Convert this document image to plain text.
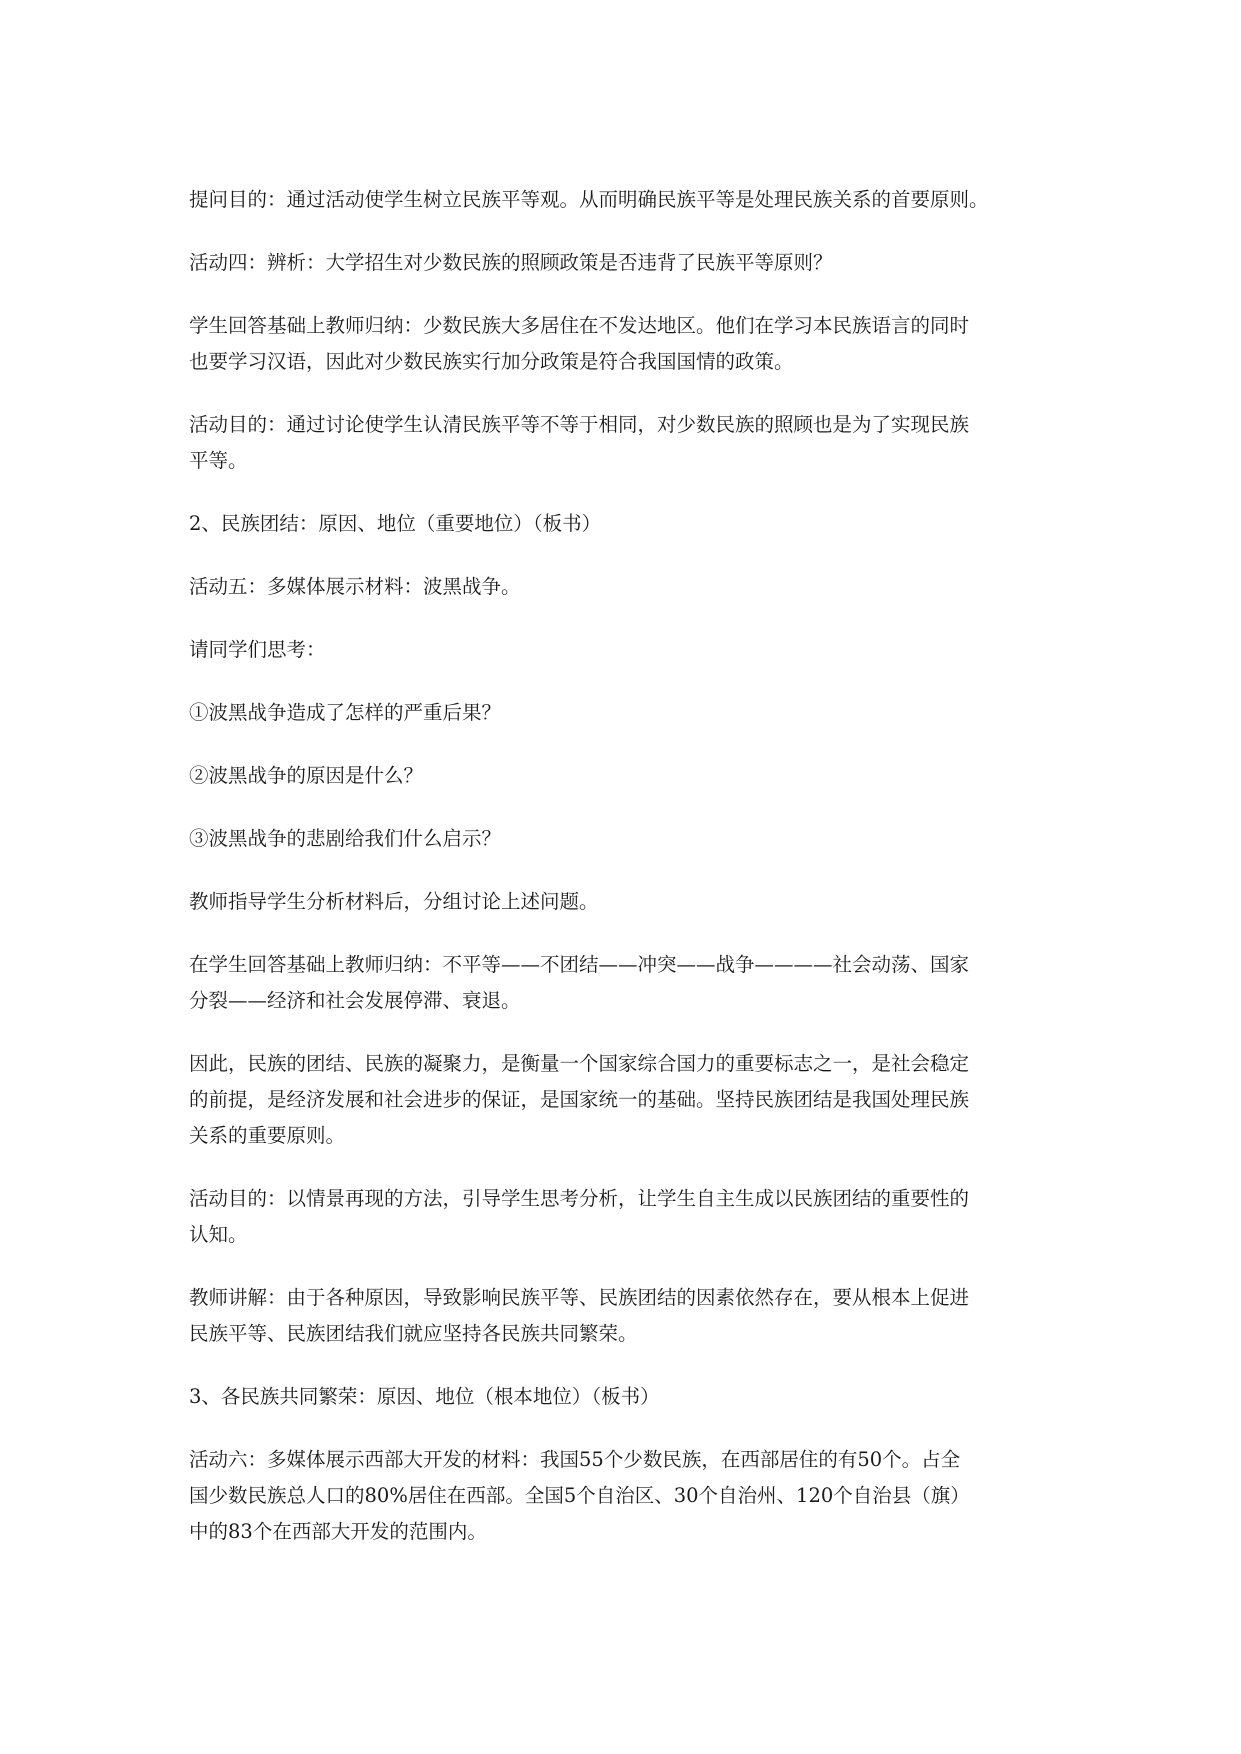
提问目的：通过活动使学生树立民族平等观。从而明确民族平等是处理民族关系的首要原则。

活动四：辨析：大学招生对少数民族的照顾政策是否违背了民族平等原则？

学生回答基础上教师归纳：少数民族大多居住在不发达地区。他们在学习本民族语言的同时
也要学习汉语，因此对少数民族实行加分政策是符合我国国情的政策。

活动目的：通过讨论使学生认清民族平等不等于相同，对少数民族的照顾也是为了实现民族
平等。

2、民族团结：原因、地位（重要地位）（板书）

活动五：多媒体展示材料：波黑战争。

请同学们思考：

①波黑战争造成了怎样的严重后果？

②波黑战争的原因是什么？

③波黑战争的悲剧给我们什么启示？

教师指导学生分析材料后，分组讨论上述问题。

在学生回答基础上教师归纳：不平等——不团结——冲突——战争————社会动荡、国家
分裂——经济和社会发展停滞、衰退。

因此，民族的团结、民族的凝聚力，是衡量一个国家综合国力的重要标志之一，是社会稳定
的前提，是经济发展和社会进步的保证，是国家统一的基础。坚持民族团结是我国处理民族
关系的重要原则。

活动目的：以情景再现的方法，引导学生思考分析，让学生自主生成以民族团结的重要性的
认知。

教师讲解：由于各种原因，导致影响民族平等、民族团结的因素依然存在，要从根本上促进
民族平等、民族团结我们就应坚持各民族共同繁荣。

3、各民族共同繁荣：原因、地位（根本地位）（板书）

活动六：多媒体展示西部大开发的材料：我国55个少数民族，在西部居住的有50个。占全
国少数民族总人口的80%居住在西部。全国5个自治区、30个自治州、120个自治县（旗）
中的83个在西部大开发的范围内。
